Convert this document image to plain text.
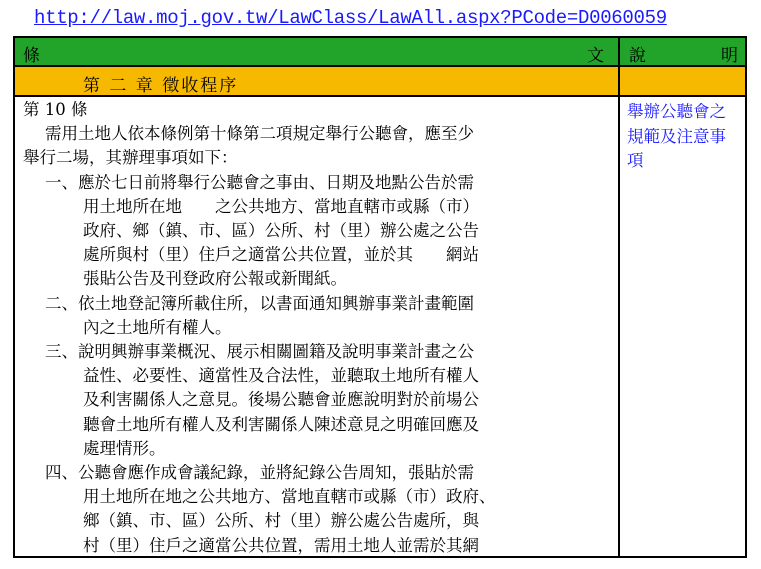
http://law.moj.gov.tw/LawClass/LawAll.aspx?PCode=D0060059
條	文 說	明
第 二 章 徵收程序
第 10 條
需用土地人依本條例第十條第二項規定舉行公聽會，應至少
舉行二場，其辦理事項如下：
一、應於七日前將舉行公聽會之事由、日期及地點公告於需
用土地所在地　　之公共地方、當地直轄市或縣（市）
政府、鄉（鎮、市、區）公所、村（里）辦公處之公告
處所與村（里）住戶之適當公共位置，並於其　　網站
張貼公告及刊登政府公報或新聞紙。
二、依土地登記簿所載住所，以書面通知興辦事業計畫範圍
內之土地所有權人。
三、說明興辦事業概況、展示相關圖籍及說明事業計畫之公
益性、必要性、適當性及合法性，並聽取土地所有權人
及利害關係人之意見。後場公聽會並應說明對於前場公
聽會土地所有權人及利害關係人陳述意見之明確回應及
處理情形。
四、公聽會應作成會議紀錄，並將紀錄公告周知，張貼於需
用土地所在地之公共地方、當地直轄市或縣（市）政府、
鄉（鎮、市、區）公所、村（里）辦公處公告處所，與
村（里）住戶之適當公共位置，需用土地人並需於其網
舉辦公聽會之規範及注意事項
